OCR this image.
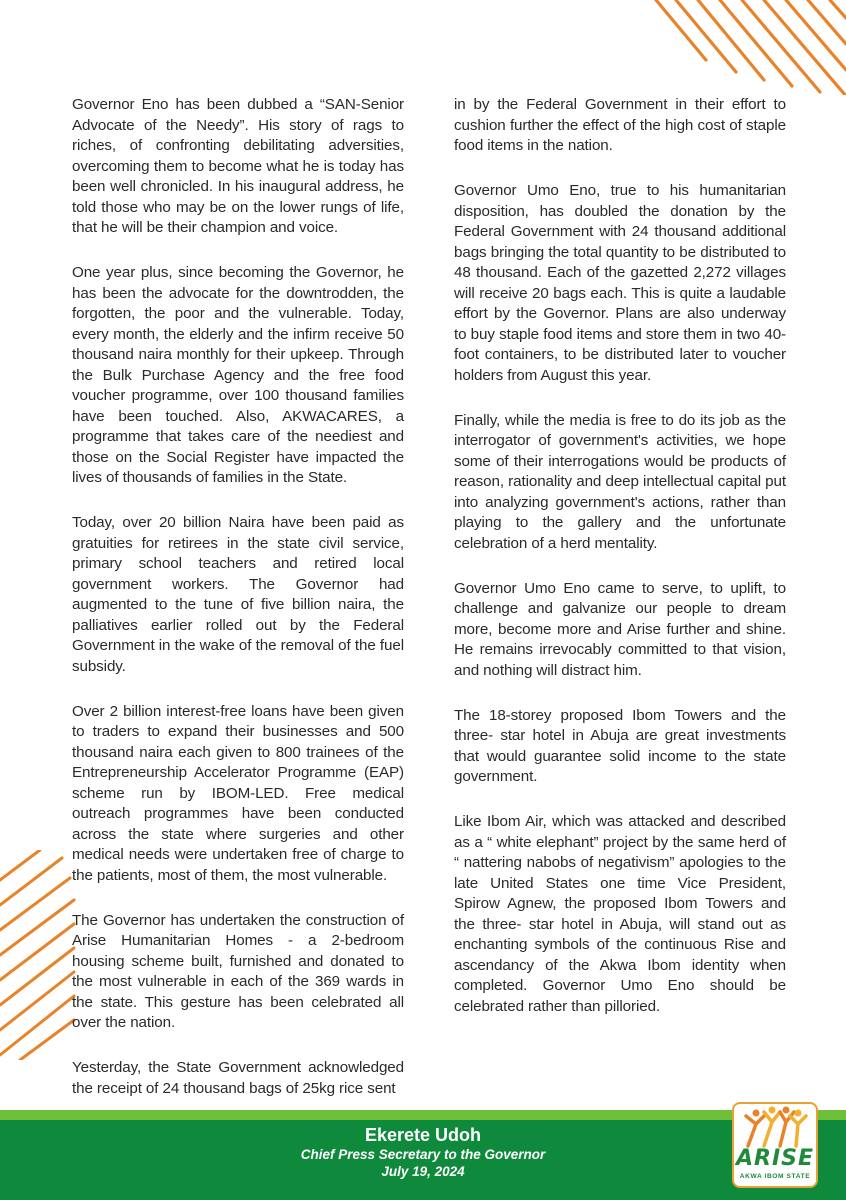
Governor Eno has been dubbed a “SAN-Senior Advocate of the Needy”. His story of rags to riches, of confronting debilitating adversities, overcoming them to become what he is today has been well chronicled. In his inaugural address, he told those who may be on the lower rungs of life, that he will be their champion and voice.

One year plus, since becoming the Governor, he has been the advocate for the downtrodden, the forgotten, the poor and the vulnerable. Today, every month, the elderly and the infirm receive 50 thousand naira monthly for their upkeep. Through the Bulk Purchase Agency and the free food voucher programme, over 100 thousand families have been touched. Also, AKWACARES, a programme that takes care of the neediest and those on the Social Register have impacted the lives of thousands of families in the State.

Today, over 20 billion Naira have been paid as gratuities for retirees in the state civil service, primary school teachers and retired local government workers. The Governor had augmented to the tune of five billion naira, the palliatives earlier rolled out by the Federal Government in the wake of the removal of the fuel subsidy.

Over 2 billion interest-free loans have been given to traders to expand their businesses and 500 thousand naira each given to 800 trainees of the Entrepreneurship Accelerator Programme (EAP) scheme run by IBOM-LED. Free medical outreach programmes have been conducted across the state where surgeries and other medical needs were undertaken free of charge to the patients, most of them, the most vulnerable.

The Governor has undertaken the construction of Arise Humanitarian Homes - a 2-bedroom housing scheme built, furnished and donated to the most vulnerable in each of the 369 wards in the state. This gesture has been celebrated all over the nation.

Yesterday, the State Government acknowledged the receipt of 24 thousand bags of 25kg rice sent

in by the Federal Government in their effort to cushion further the effect of the high cost of staple food items in the nation.

Governor Umo Eno, true to his humanitarian disposition, has doubled the donation by the Federal Government with 24 thousand additional bags bringing the total quantity to be distributed to 48 thousand. Each of the gazetted 2,272 villages will receive 20 bags each. This is quite a laudable effort by the Governor. Plans are also underway to buy staple food items and store them in two 40-foot containers, to be distributed later to voucher holders from August this year.

Finally, while the media is free to do its job as the interrogator of government's activities, we hope some of their interrogations would be products of reason, rationality and deep intellectual capital put into analyzing government's actions, rather than playing to the gallery and the unfortunate celebration of a herd mentality.

Governor Umo Eno came to serve, to uplift, to challenge and galvanize our people to dream more, become more and Arise further and shine. He remains irrevocably committed to that vision, and nothing will distract him.

The 18-storey proposed Ibom Towers and the three- star hotel in Abuja are great investments that would guarantee solid income to the state government.

Like Ibom Air, which was attacked and described as a “ white elephant” project by the same herd of “ nattering nabobs of negativism” apologies to the late United States one time Vice President, Spirow Agnew, the proposed Ibom Towers and the three- star hotel in Abuja, will stand out as enchanting symbols of the continuous Rise and ascendancy of the Akwa Ibom identity when completed. Governor Umo Eno should be celebrated rather than pilloried.

Ekerete Udoh
Chief Press Secretary to the Governor
July 19, 2024
ARISE
AKWA IBOM STATE
